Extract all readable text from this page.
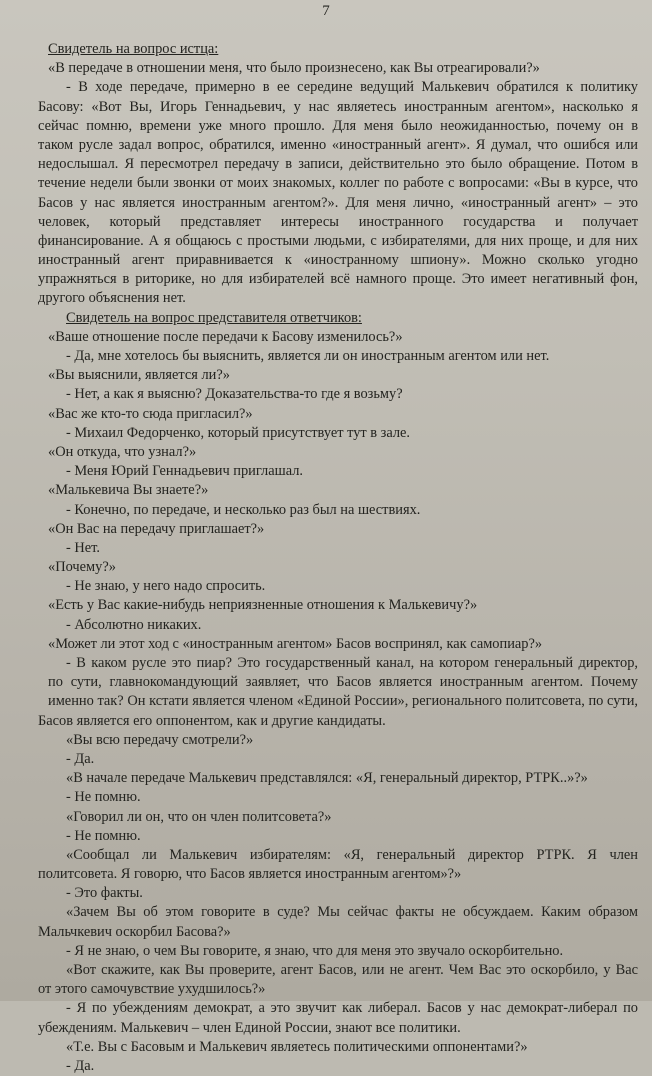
7
Свидетель на вопрос истца:
«В передаче в отношении меня, что было произнесено, как Вы отреагировали?»
- В ходе передаче, примерно в ее середине ведущий Малькевич обратился к политику
Басову: «Вот Вы, Игорь Геннадьевич, у нас являетесь иностранным агентом», насколько я
сейчас помню, времени уже много прошло. Для меня было неожиданностью, почему он в
таком русле задал вопрос, обратился, именно «иностранный агент». Я думал, что ошибся или
недослышал. Я пересмотрел передачу в записи, действительно это было обращение. Потом в
течение недели были звонки от моих знакомых, коллег по работе с вопросами: «Вы в курсе, что
Басов у нас является иностранным агентом?». Для меня лично, «иностранный агент» – это
человек, который представляет интересы иностранного государства и получает
финансирование. А я общаюсь с простыми людьми, с избирателями, для них проще, и для них
иностранный агент приравнивается к «иностранному шпиону». Можно сколько угодно
упражняться в риторике, но для избирателей всё намного проще. Это имеет негативный фон,
другого объяснения нет.
Свидетель на вопрос представителя ответчиков:
«Ваше отношение после передачи к Басову изменилось?»
- Да, мне хотелось бы выяснить, является ли он иностранным агентом или нет.
«Вы выяснили, является ли?»
- Нет, а как я выясню? Доказательства-то где я возьму?
«Вас же кто-то сюда пригласил?»
- Михаил Федорченко, который присутствует тут в зале.
«Он откуда, что узнал?»
- Меня Юрий Геннадьевич приглашал.
«Малькевича Вы знаете?»
- Конечно, по передаче, и несколько раз был на шествиях.
«Он Вас на передачу приглашает?»
- Нет.
«Почему?»
- Не знаю, у него надо спросить.
«Есть у Вас какие-нибудь неприязненные отношения к Малькевичу?»
- Абсолютно никаких.
«Может ли этот ход с «иностранным агентом» Басов воспринял, как самопиар?»
- В каком русле это пиар? Это государственный канал, на котором генеральный директор,
по сути, главнокомандующий заявляет, что Басов является иностранным агентом. Почему
именно так? Он кстати является членом «Единой России», регионального политсовета, по сути,
Басов является его оппонентом, как и другие кандидаты.
«Вы всю передачу смотрели?»
- Да.
«В начале передаче Малькевич представлялся: «Я, генеральный директор, РТРК..»?»
- Не помню.
«Говорил ли он, что он член политсовета?»
- Не помню.
«Сообщал ли Малькевич избирателям: «Я, генеральный директор РТРК. Я член
политсовета. Я говорю, что Басов является иностранным агентом»?»
- Это факты.
«Зачем Вы об этом говорите в суде? Мы сейчас факты не обсуждаем. Каким образом
Мальчкевич оскорбил Басова?»
- Я не знаю, о чем Вы говорите, я знаю, что для меня это звучало оскорбительно.
«Вот скажите, как Вы проверите, агент Басов, или не агент. Чем Вас это оскорбило, у Вас
от этого самочувствие ухудшилось?»
- Я по убеждениям демократ, а это звучит как либерал. Басов у нас демократ-либерал по
убеждениям. Малькевич – член Единой России, знают все политики.
«Т.е. Вы с Басовым и Малькевич являетесь политическими оппонентами?»
- Да.
